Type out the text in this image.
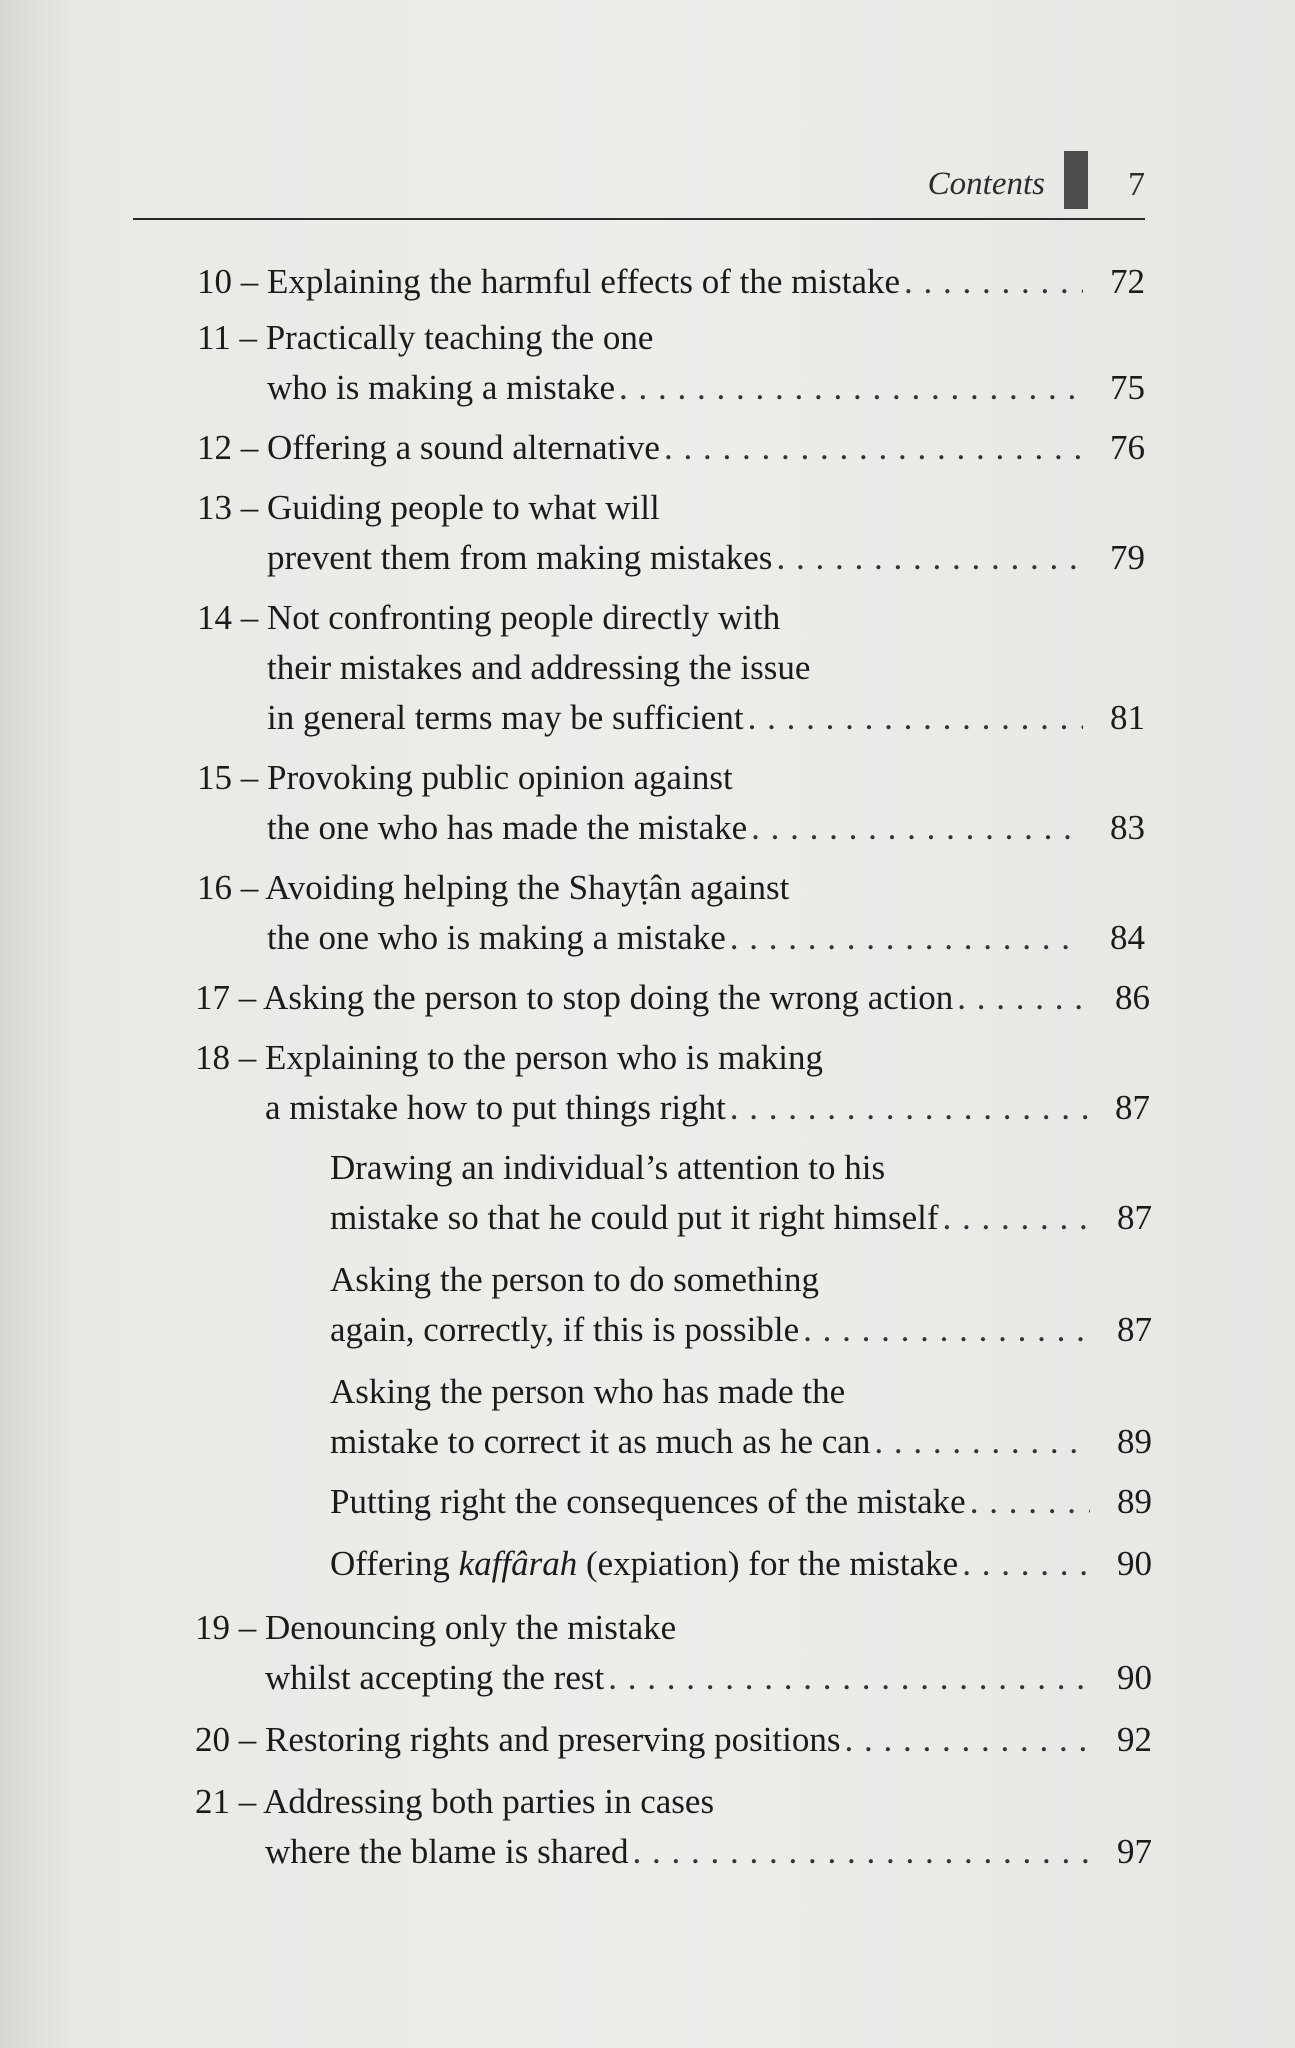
Contents 7
10 – Explaining the harmful effects of the mistake . . .	72
11 – Practically teaching the one
who is making a mistake . . .	75
12 – Offering a sound alternative . . .	76
13 – Guiding people to what will
prevent them from making mistakes . . .	79
14 – Not confronting people directly with
their mistakes and addressing the issue
in general terms may be sufficient . . .	81
15 – Provoking public opinion against
the one who has made the mistake . . .	83
16 – Avoiding helping the Shayṭân against
the one who is making a mistake . . .	84
17 – Asking the person to stop doing the wrong action . . .	86
18 – Explaining to the person who is making
a mistake how to put things right . . .	87
Drawing an individual’s attention to his
mistake so that he could put it right himself . . .	87
Asking the person to do something
again, correctly, if this is possible . . .	87
Asking the person who has made the
mistake to correct it as much as he can . . .	89
Putting right the consequences of the mistake . . .	89
Offering kaffârah (expiation) for the mistake . . .	90
19 – Denouncing only the mistake
whilst accepting the rest . . .	90
20 – Restoring rights and preserving positions . . .	92
21 – Addressing both parties in cases
where the blame is shared . . .	97
